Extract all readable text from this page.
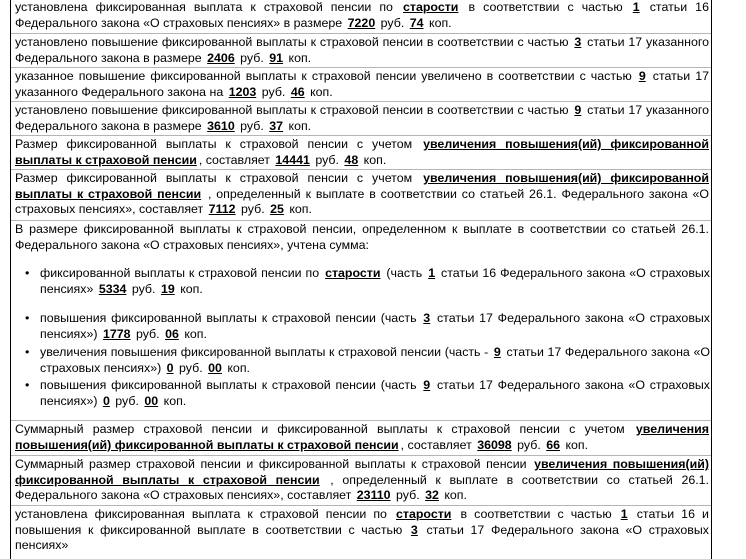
установлена фиксированная выплата к страховой пенсии по старости в соответствии с частью 1 статьи 16 Федерального закона «О страховых пенсиях» в размере 7220 руб. 74 коп.
установлено повышение фиксированной выплаты к страховой пенсии в соответствии с частью 3 статьи 17 указанного Федерального закона в размере 2406 руб. 91 коп.
указанное повышение фиксированной выплаты к страховой пенсии увеличено в соответствии с частью 9 статьи 17 указанного Федерального закона на 1203 руб. 46 коп.
установлено повышение фиксированной выплаты к страховой пенсии в соответствии с частью 9 статьи 17 указанного Федерального закона в размере 3610 руб. 37 коп.
Размер фиксированной выплаты к страховой пенсии с учетом увеличения повышения(ий) фиксированной выплаты к страховой пенсии , составляет 14441 руб. 48 коп.
Размер фиксированной выплаты к страховой пенсии с учетом увеличения повышения(ий) фиксированной выплаты к страховой пенсии , определенный к выплате в соответствии со статьей 26.1. Федерального закона «О страховых пенсиях», составляет 7112 руб. 25 коп.
В размере фиксированной выплаты к страховой пенсии, определенном к выплате в соответствии со статьей 26.1. Федерального закона «О страховых пенсиях», учтена сумма:
• фиксированной выплаты к страховой пенсии по старости (часть 1 статьи 16 Федерального закона «О страховых пенсиях» 5334 руб. 19 коп.
• повышения фиксированной выплаты к страховой пенсии (часть 3 статьи 17 Федерального закона «О страховых пенсиях») 1778 руб. 06 коп.
• увеличения повышения фиксированной выплаты к страховой пенсии (часть - 9 статьи 17 Федерального закона «О страховых пенсиях») 0 руб. 00 коп.
• повышения фиксированной выплаты к страховой пенсии (часть 9 статьи 17 Федерального закона «О страховых пенсиях») 0 руб. 00 коп.
Суммарный размер страховой пенсии и фиксированной выплаты к страховой пенсии с учетом увеличения повышения(ий) фиксированной выплаты к страховой пенсии , составляет 36098 руб. 66 коп.
Суммарный размер страховой пенсии и фиксированной выплаты к страховой пенсии увеличения повышения(ий) фиксированной выплаты к страховой пенсии , определенный к выплате в соответствии со статьей 26.1. Федерального закона «О страховых пенсиях», составляет 23110 руб. 32 коп.
установлена фиксированная выплата к страховой пенсии по старости в соответствии с частью 1 статьи 16 и повышения к фиксированной выплате в соответствии с частью 3 статьи 17 Федерального закона «О страховых пенсиях»
